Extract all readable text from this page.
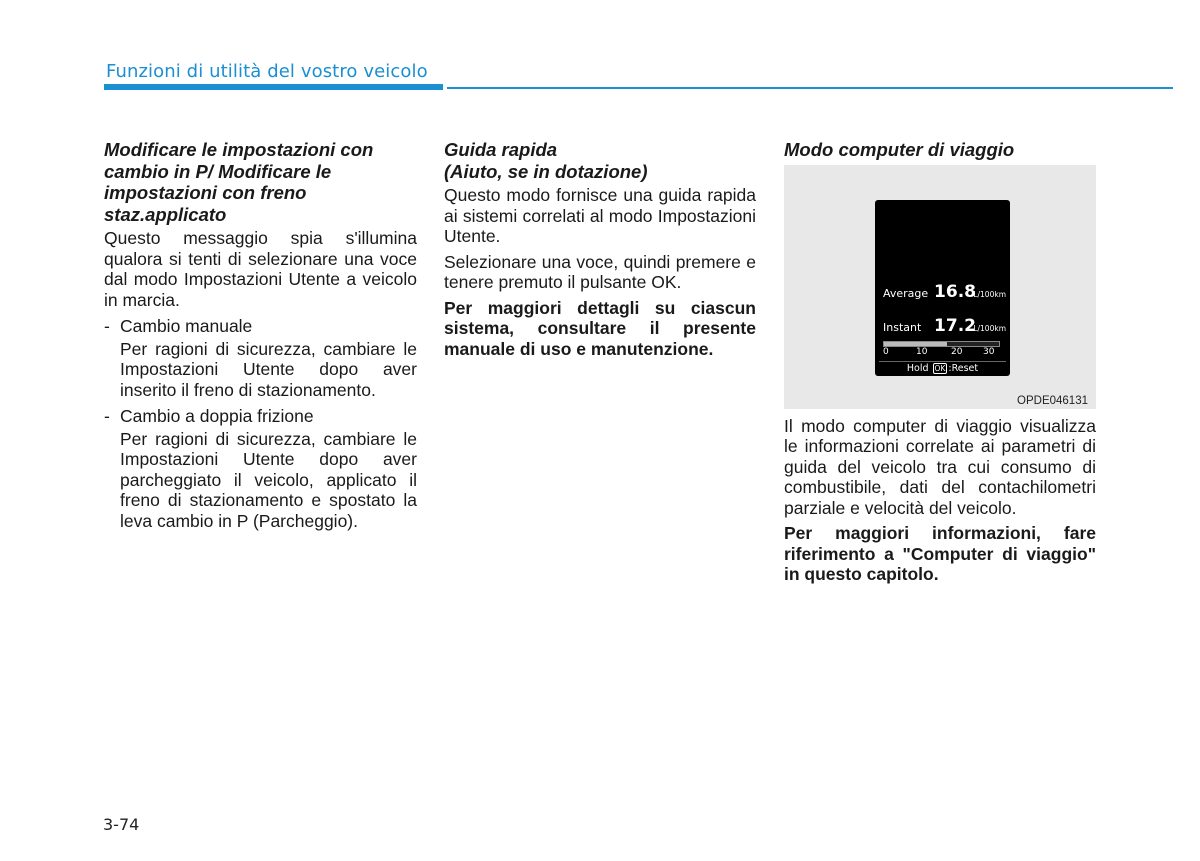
Funzioni di utilità del vostro veicolo
Modificare le impostazioni con cambio in P/ Modificare le impostazioni con freno staz.applicato

Questo messaggio spia s'illumina qualora si tenti di selezionare una voce dal modo Impostazioni Utente a veicolo in marcia.

- Cambio manuale

Per ragioni di sicurezza, cambiare le Impostazioni Utente dopo aver inserito il freno di stazionamento.

- Cambio a doppia frizione

Per ragioni di sicurezza, cambiare le Impostazioni Utente dopo aver parcheggiato il veicolo, applicato il freno di stazionamento e spostato la leva cambio in P (Parcheggio).

Guida rapida
(Aiuto, se in dotazione)

Questo modo fornisce una guida rapida ai sistemi correlati al modo Impostazioni Utente.

Selezionare una voce, quindi premere e tenere premuto il pulsante OK.

Per maggiori dettagli su ciascun sistema, consultare il presente manuale di uso e manutenzione.

Modo computer di viaggio
Average 16.8
L/100km
Instant 17.2
L/100km
0	10	20 30
Hold OK :Reset
OPDE046131

Il modo computer di viaggio visualizza le informazioni correlate ai parametri di guida del veicolo tra cui consumo di combustibile, dati del contachilometri parziale e velocità del veicolo.

Per maggiori informazioni, fare riferimento a "Computer di viaggio" in questo capitolo.

3-74
